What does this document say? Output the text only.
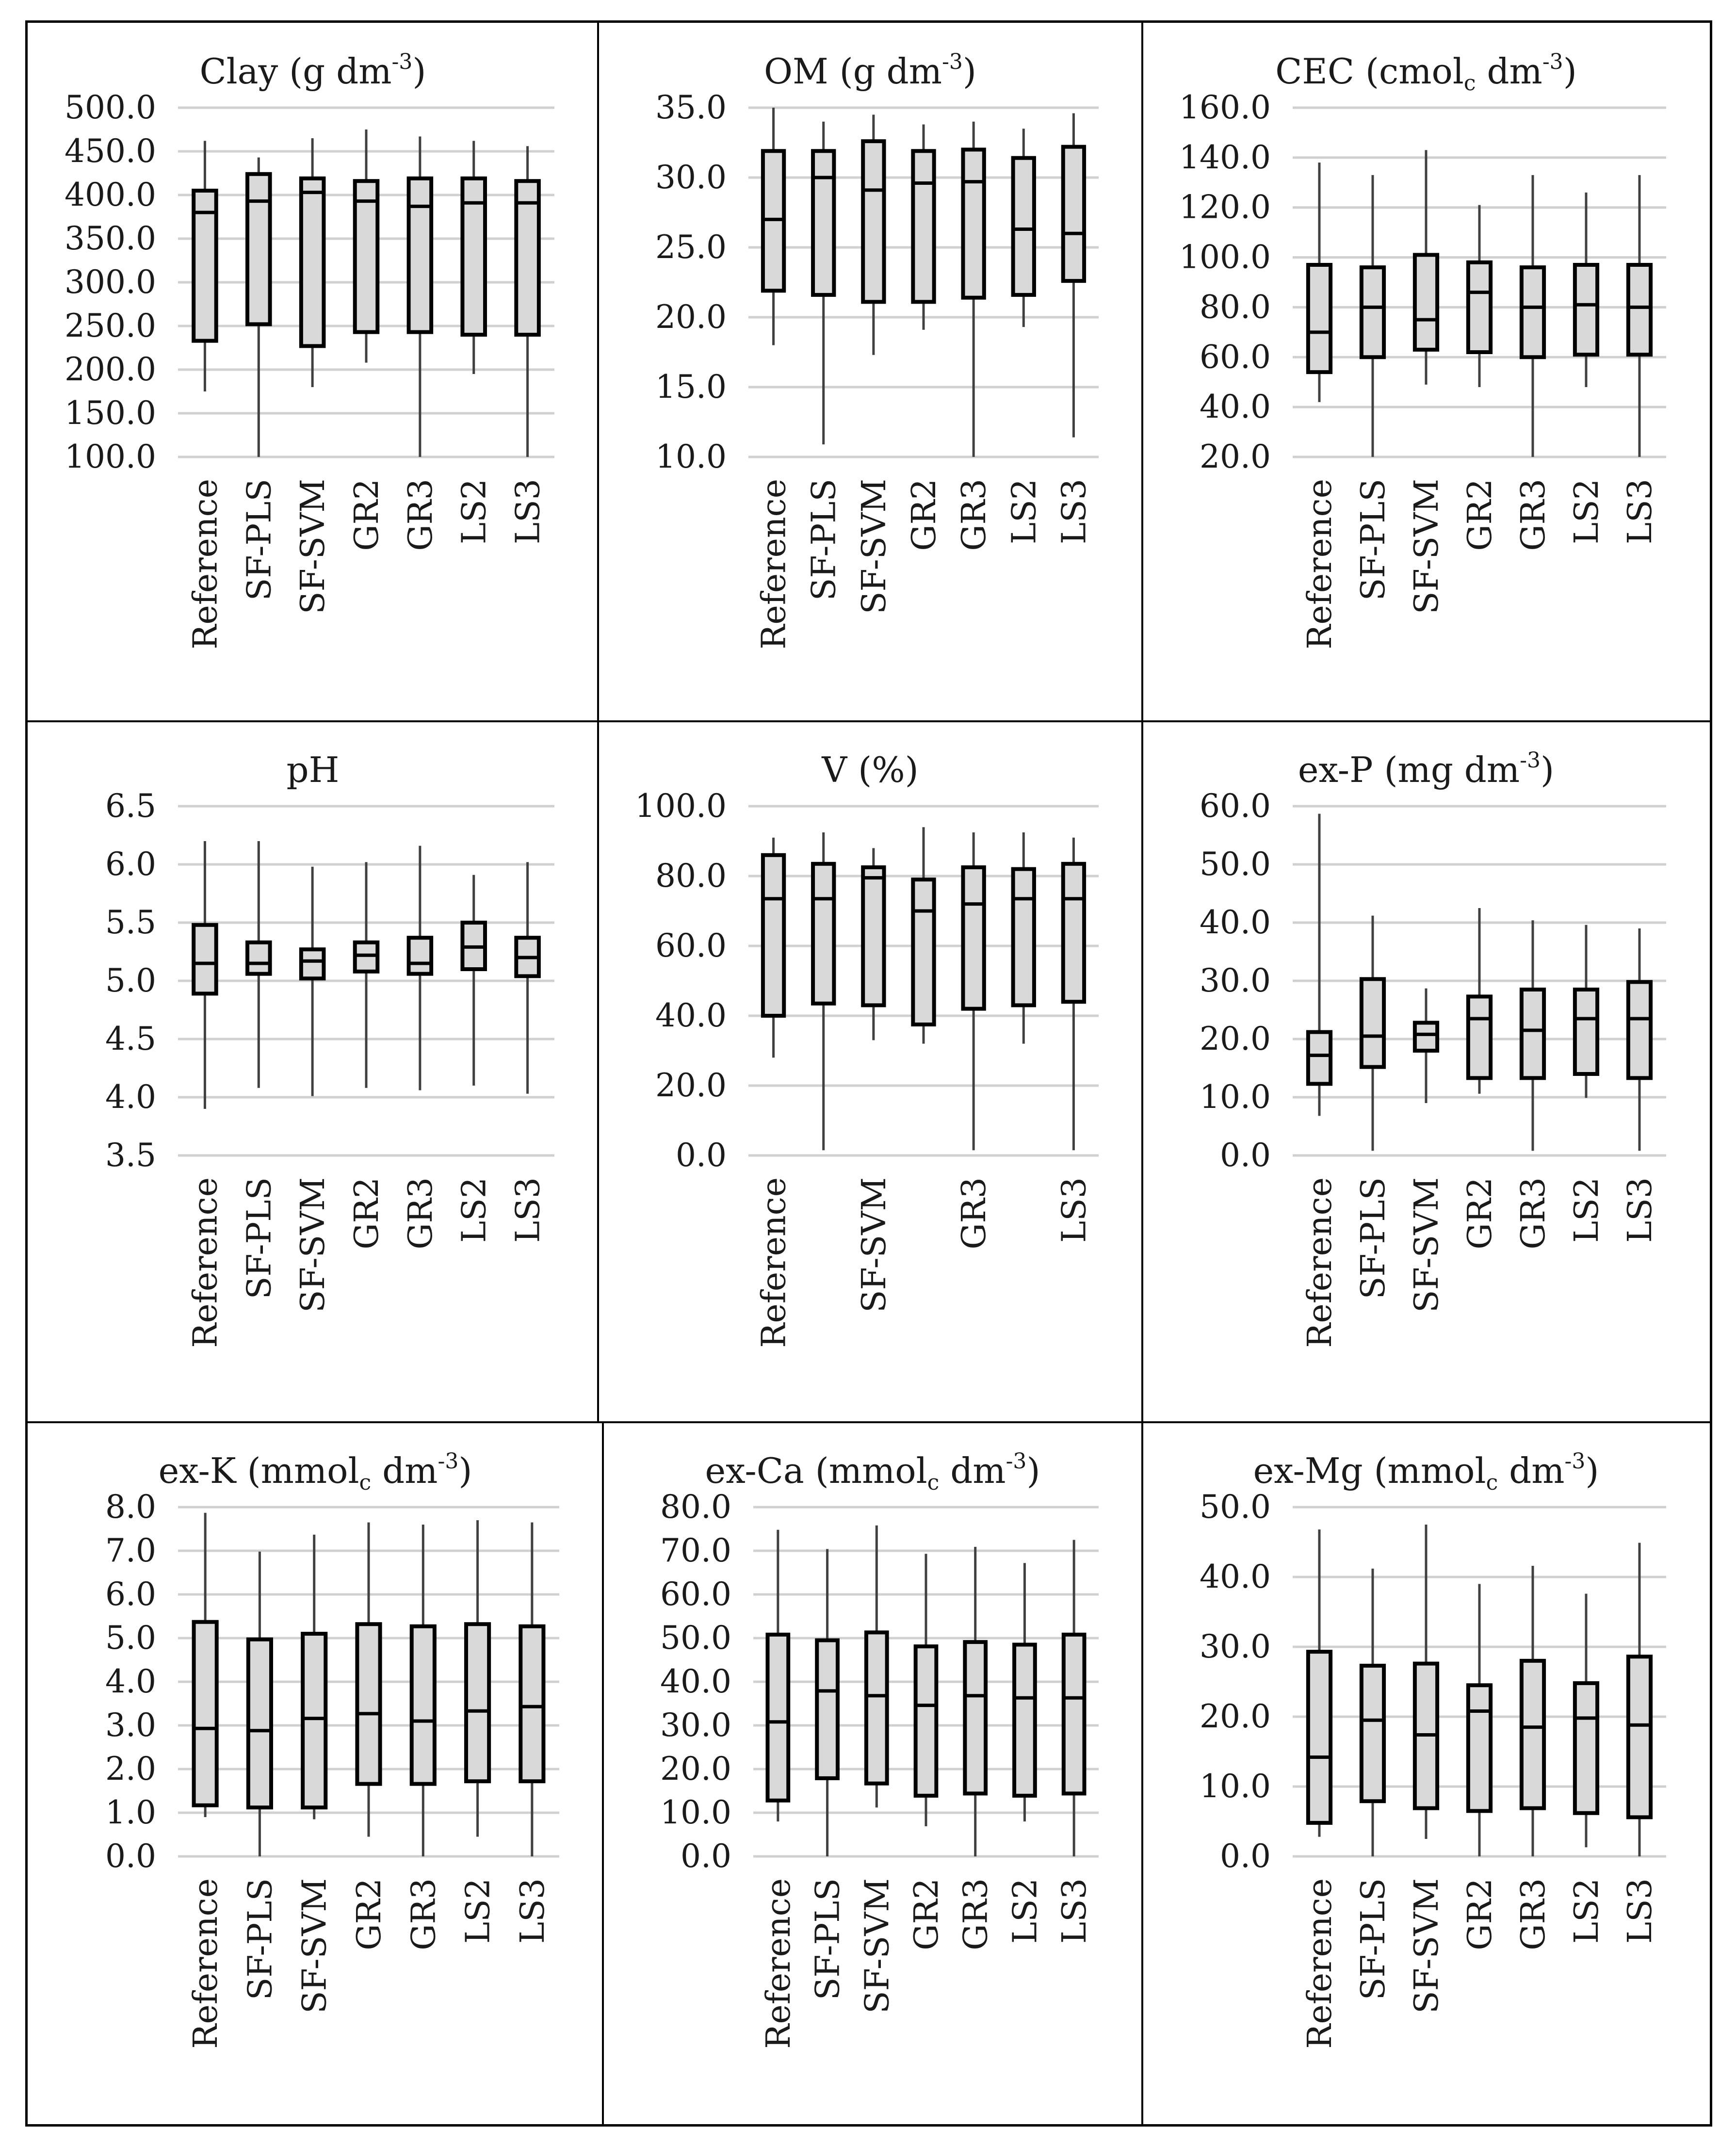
Clay (g $dm^{-3}$)
100.0
150.0
200.0
250.0
300.0
350.0
400.0
450.0
500.0
Reference SF-PLS SF-SVM GR2 GR3 LS2 LS3
OM (g $dm^{-3}$)
10.0
15.0
20.0
25.0
30.0
35.0
Reference SF-PLS SF-SVM GR2 GR3 LS2 LS3
CEC (cmolc $dm^{-3}$)
20.0
40.0
60.0
80.0
100.0
120.0
140.0
160.0
Reference SF-PLS SF-SVM GR2 GR3 LS2 LS3
pH
3.5
4.0
4.5
5.0
5.5
6.0
6.5
Reference SF-PLS SF-SVM GR2 GR3 LS2 LS3
V (%)
0.0
20.0
40.0
60.0
80.0
100.0
Reference SF-SVM GR3 LS3
ex-P (mg $dm^{-3}$)
0.0
10.0
20.0
30.0
40.0
50.0
60.0
Reference SF-PLS SF-SVM GR2 GR3 LS2 LS3
ex-K (mmolc $dm^{-3}$)
0.0
1.0
2.0
3.0
4.0
5.0
6.0
7.0
8.0
Reference SF-PLS SF-SVM GR2 GR3 LS2 LS3
ex-Ca (mmolc $dm^{-3}$)
0.0
10.0
20.0
30.0
40.0
50.0
60.0
70.0
80.0
Reference SF-PLS SF-SVM GR2 GR3 LS2 LS3
ex-Mg (mmolc $dm^{-3}$)
0.0
10.0
20.0
30.0
40.0
50.0
Reference SF-PLS SF-SVM GR2 GR3 LS2 LS3
